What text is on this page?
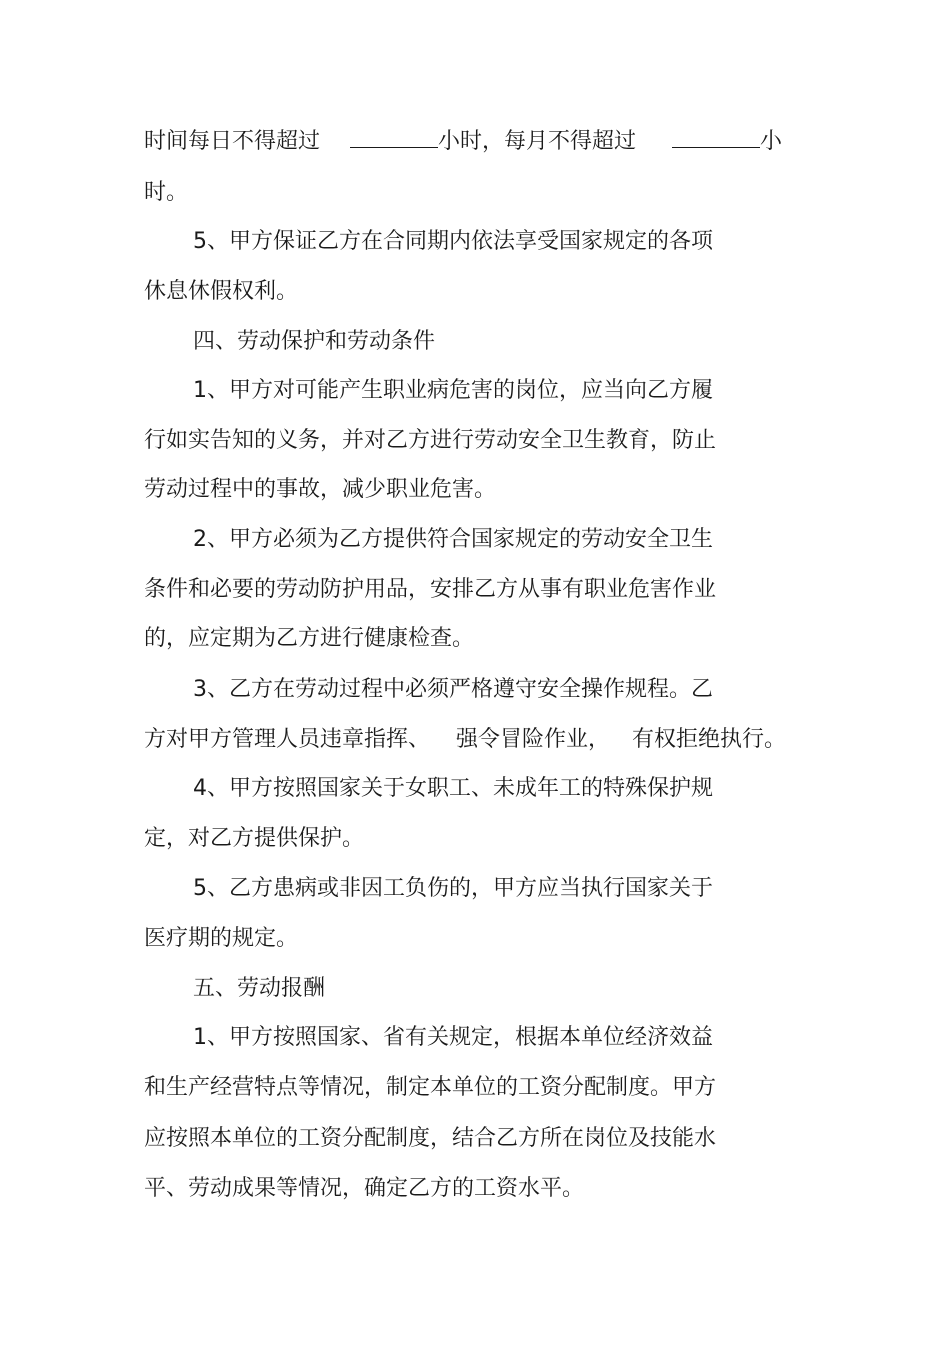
时间每日不得超过	小时，每月不得超过	小
时。
5、甲方保证乙方在合同期内依法享受国家规定的各项
休息休假权利。
四、劳动保护和劳动条件
1、甲方对可能产生职业病危害的岗位，应当向乙方履
行如实告知的义务，并对乙方进行劳动安全卫生教育，防止
劳动过程中的事故，减少职业危害。
2、甲方必须为乙方提供符合国家规定的劳动安全卫生
条件和必要的劳动防护用品，安排乙方从事有职业危害作业
的，应定期为乙方进行健康检查。
3、乙方在劳动过程中必须严格遵守安全操作规程。乙
方对甲方管理人员违章指挥、 强令冒险作业， 有权拒绝执行。
4、甲方按照国家关于女职工、未成年工的特殊保护规
定，对乙方提供保护。
5、乙方患病或非因工负伤的，甲方应当执行国家关于
医疗期的规定。
五、劳动报酬
1、甲方按照国家、省有关规定，根据本单位经济效益
和生产经营特点等情况，制定本单位的工资分配制度。甲方
应按照本单位的工资分配制度，结合乙方所在岗位及技能水
平、劳动成果等情况，确定乙方的工资水平。
